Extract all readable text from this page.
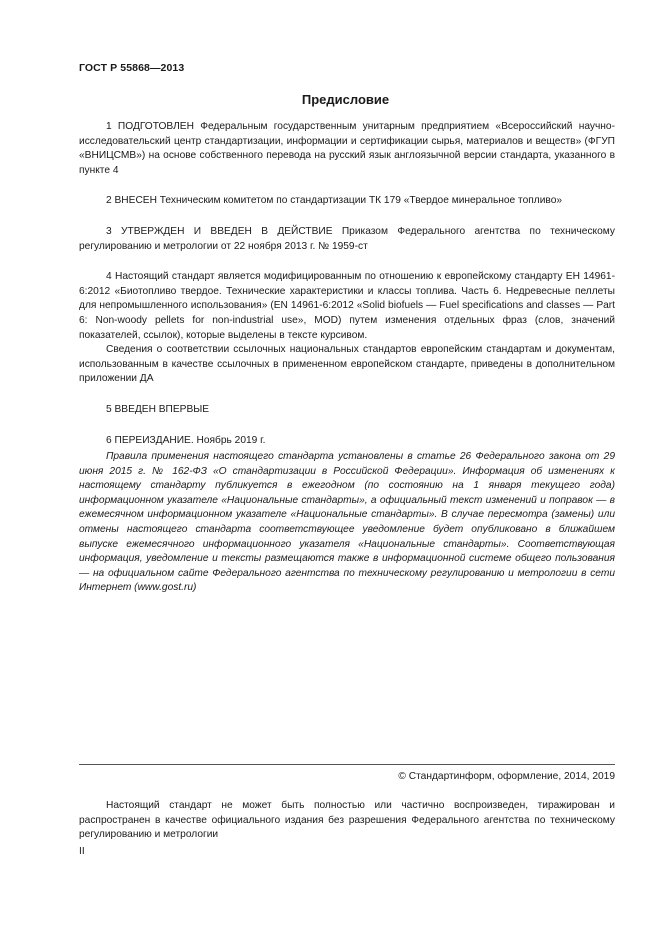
ГОСТ Р 55868—2013
Предисловие

1 ПОДГОТОВЛЕН Федеральным государственным унитарным предприятием «Всероссийский научно-исследовательский центр стандартизации, информации и сертификации сырья, материалов и веществ» (ФГУП «ВНИЦСМВ») на основе собственного перевода на русский язык англоязычной версии стандарта, указанного в пункте 4

2 ВНЕСЕН Техническим комитетом по стандартизации ТК 179 «Твердое минеральное топливо»

3 УТВЕРЖДЕН И ВВЕДЕН В ДЕЙСТВИЕ Приказом Федерального агентства по техническому регулированию и метрологии от 22 ноября 2013 г. № 1959-ст

4 Настоящий стандарт является модифицированным по отношению к европейскому стандарту ЕН 14961-6:2012 «Биотопливо твердое. Технические характеристики и классы топлива. Часть 6. Недревесные пеллеты для непромышленного использования» (EN 14961-6:2012 «Solid biofuels — Fuel specifications and classes — Part 6: Non-woody pellets for non-industrial use», MOD) путем изменения отдельных фраз (слов, значений показателей, ссылок), которые выделены в тексте курсивом.

Сведения о соответствии ссылочных национальных стандартов европейским стандартам и документам, использованным в качестве ссылочных в примененном европейском стандарте, приведены в дополнительном приложении ДА

5 ВВЕДЕН ВПЕРВЫЕ

6 ПЕРЕИЗДАНИЕ. Ноябрь 2019 г.

Правила применения настоящего стандарта установлены в статье 26 Федерального закона от 29 июня 2015 г. № 162-ФЗ «О стандартизации в Российской Федерации». Информация об изменениях к настоящему стандарту публикуется в ежегодном (по состоянию на 1 января текущего года) информационном указателе «Национальные стандарты», а официальный текст изменений и поправок — в ежемесячном информационном указателе «Национальные стандарты». В случае пересмотра (замены) или отмены настоящего стандарта соответствующее уведомление будет опубликовано в ближайшем выпуске ежемесячного информационного указателя «Национальные стандарты». Соответствующая информация, уведомление и тексты размещаются также в информационной системе общего пользования — на официальном сайте Федерального агентства по техническому регулированию и метрологии в сети Интернет (www.gost.ru)

© Стандартинформ, оформление, 2014, 2019

Настоящий стандарт не может быть полностью или частично воспроизведен, тиражирован и распространен в качестве официального издания без разрешения Федерального агентства по техническому регулированию и метрологии

II
